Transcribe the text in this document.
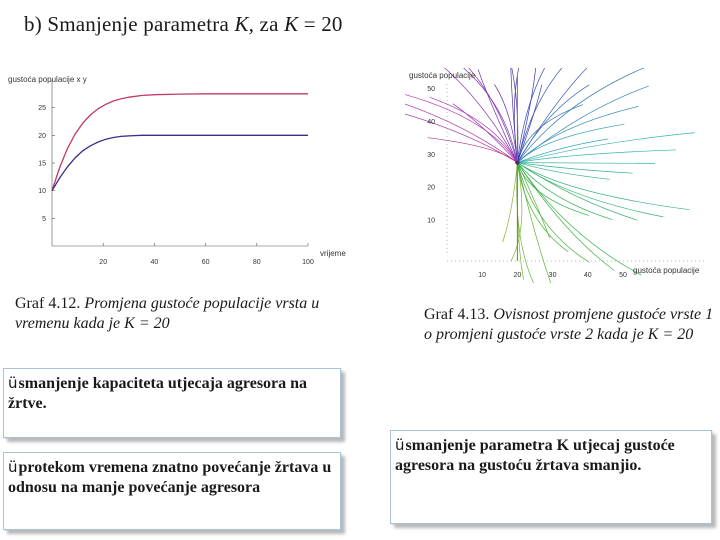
b) Smanjenje parametra K, za K = 20
5
10
15
20
25
20	40	60	80	100
gustoća populacije x y
vrijeme
10
20
30
40
50
10	20	30	40	50
gustoća populacije
gustoća populacije
Graf 4.12. Promjena gustoće populacije vrsta u vremenu kada je K = 20
Graf 4.13. Ovisnost promjene gustoće vrste 1 o promjeni gustoće vrste 2 kada je K = 20
üsmanjenje kapaciteta utjecaja agresora na žrtve.
üprotekom vremena znatno povećanje žrtava u odnosu na manje povećanje agresora
üsmanjenje parametra K utjecaj gustoće agresora na gustoću žrtava smanjio.
